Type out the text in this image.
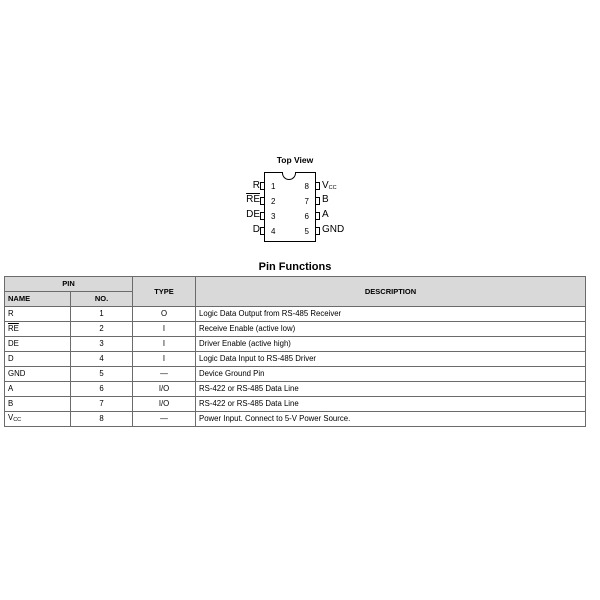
Top View
R
$\overline{RE}$
DE
D
VCC
B
A
GND
1
2
3
4
8
7
6
5
Pin Functions
PIN		TYPE	DESCRIPTION
NAME	NO.		
R	1	O	Logic Data Output from RS-485 Receiver
$\overline{RE}$	2	I	Receive Enable (active low)
DE	3	I	Driver Enable (active high)
D	4	I	Logic Data Input to RS-485 Driver
GND	5	—	Device Ground Pin
A	6	I/O	RS-422 or RS-485 Data Line
B	7	I/O	RS-422 or RS-485 Data Line
VCC	8	—	Power Input. Connect to 5-V Power Source.
